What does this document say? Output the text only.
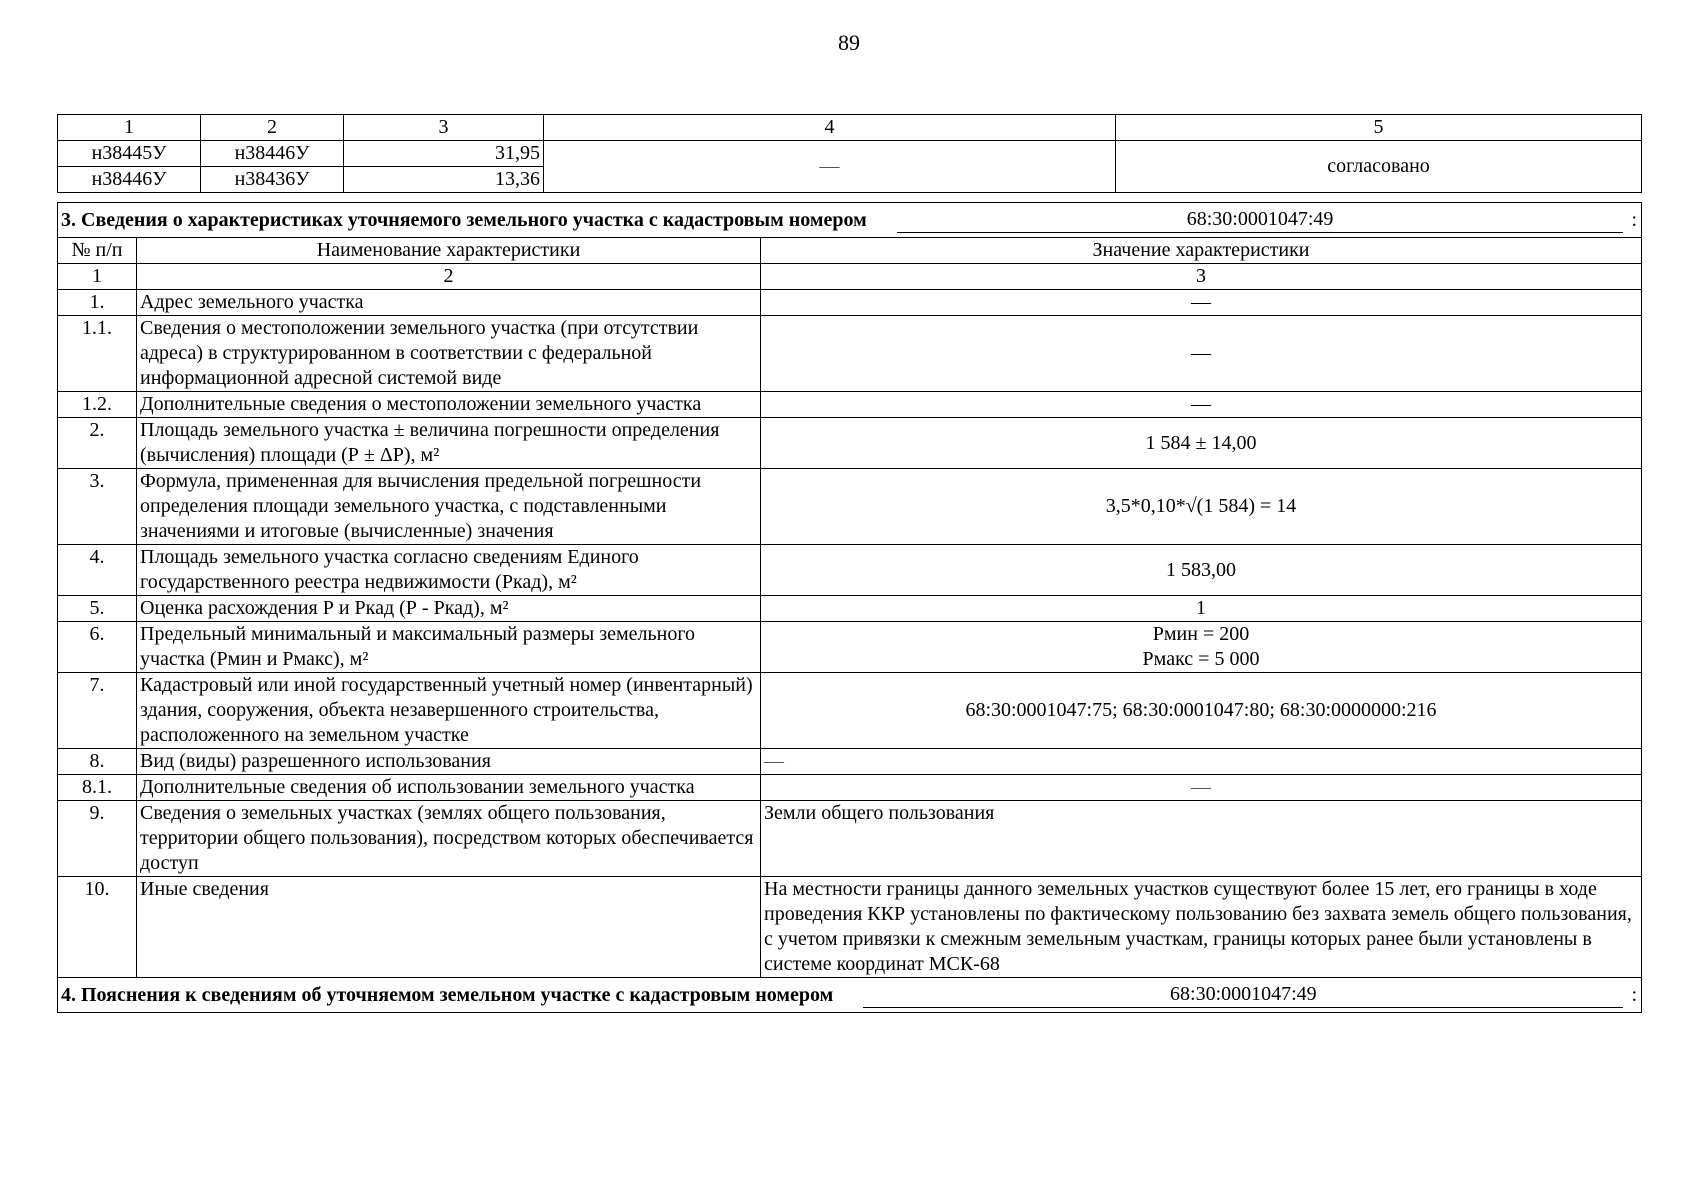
89
1	2	3	4	5
н38445У	н38446У	31,95	—	согласовано
н38446У	н38436У	13,36		
3. Сведения о характеристиках уточняемого земельного участка с кадастровым номером 68:30:0001047:49 :		

№ п/п	Наименование характеристики	Значение характеристики
1	2	3
1.	Адрес земельного участка	—
1.1.	Сведения о местоположении земельного участка (при отсутствии адреса) в структурированном в соответствии с федеральной информационной адресной системой виде	—
1.2.	Дополнительные сведения о местоположении земельного участка	—
2.	Площадь земельного участка ± величина погрешности определения (вычисления) площади (Р ± ΔР), м²	1 584 ± 14,00
3.	Формула, примененная для вычисления предельной погрешности определения площади земельного участка, с подставленными значениями и итоговые (вычисленные) значения	3,5*0,10*√(1 584) = 14
4.	Площадь земельного участка согласно сведениям Единого государственного реестра недвижимости (Ркад), м²	1 583,00
5.	Оценка расхождения Р и Ркад (Р - Ркад), м²	1
6.	Предельный минимальный и максимальный размеры земельного участка (Рмин и Рмакс), м²	Рмин = 200
Рмакс = 5 000

7.	Кадастровый или иной государственный учетный номер (инвентарный) здания, сооружения, объекта незавершенного строительства, расположенного на земельном участке	68:30:0001047:75; 68:30:0001047:80; 68:30:0000000:216
8.	Вид (виды) разрешенного использования	—
8.1.	Дополнительные сведения об использовании земельного участка	—
9.	Сведения о земельных участках (землях общего пользования, территории общего пользования), посредством которых обеспечивается доступ	Земли общего пользования
10.	Иные сведения	На местности границы данного земельных участков существуют более 15 лет, его границы в ходе проведения ККР установлены по фактическому пользованию без захвата земель общего пользования, с учетом привязки к смежным земельным участкам, границы которых ранее были установлены в системе координат МСК-68

4. Пояснения к сведениям об уточняемом земельном участке с кадастровым номером 68:30:0001047:49 :		
